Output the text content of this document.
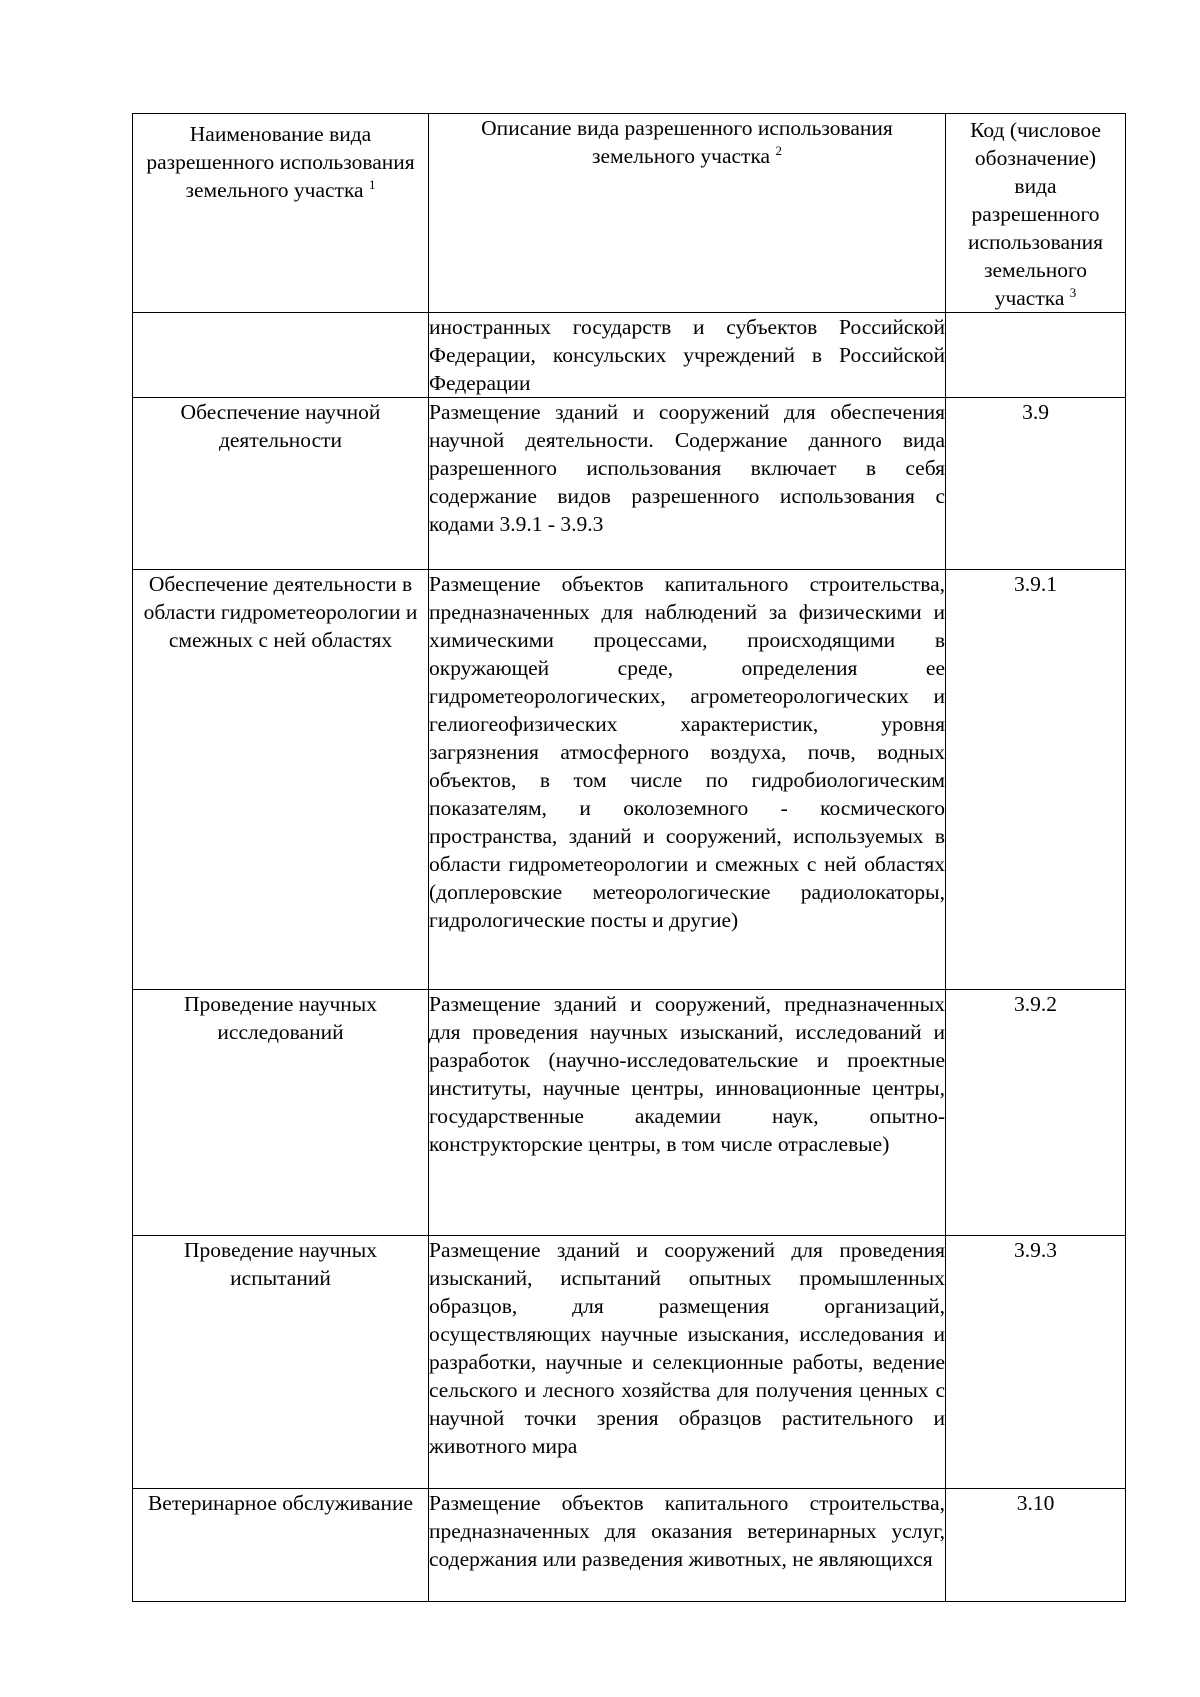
Наименование вида разрешенного использования земельного участка $^1$	Описание вида разрешенного использования земельного участка $^2$	Код (числовое обозначение) вида разрешенного использования земельного участка $^3$
	иностранных государств и субъектов Российской Федерации, консульских учреждений в Российской Федерации	
Обеспечение научной деятельности	Размещение зданий и сооружений для обеспечения научной деятельности. Содержание данного вида разрешенного использования включает в себя содержание видов разрешенного использования с кодами 3.9.1 - 3.9.3	3.9
Обеспечение деятельности в области гидрометеорологии и смежных с ней областях	Размещение объектов капитального строительства, предназначенных для наблюдений за физическими и химическими процессами, происходящими в окружающей среде, определения ее гидрометеорологических, агрометеорологических и гелиогеофизических характеристик, уровня загрязнения атмосферного воздуха, почв, водных объектов, в том числе по гидробиологическим показателям, и околоземного - космического пространства, зданий и сооружений, используемых в области гидрометеорологии и смежных с ней областях (доплеровские метеорологические радиолокаторы, гидрологические посты и другие)	3.9.1
Проведение научных исследований	Размещение зданий и сооружений, предназначенных для проведения научных изысканий, исследований и разработок (научно-исследовательские и проектные институты, научные центры, инновационные центры, государственные академии наук, опытно-конструкторские центры, в том числе отраслевые)	3.9.2
Проведение научных испытаний	Размещение зданий и сооружений для проведения изысканий, испытаний опытных промышленных образцов, для размещения организаций, осуществляющих научные изыскания, исследования и разработки, научные и селекционные работы, ведение сельского и лесного хозяйства для получения ценных с научной точки зрения образцов растительного и животного мира	3.9.3
Ветеринарное обслуживание	Размещение объектов капитального строительства, предназначенных для оказания ветеринарных услуг, содержания или разведения животных, не являющихся	3.10
